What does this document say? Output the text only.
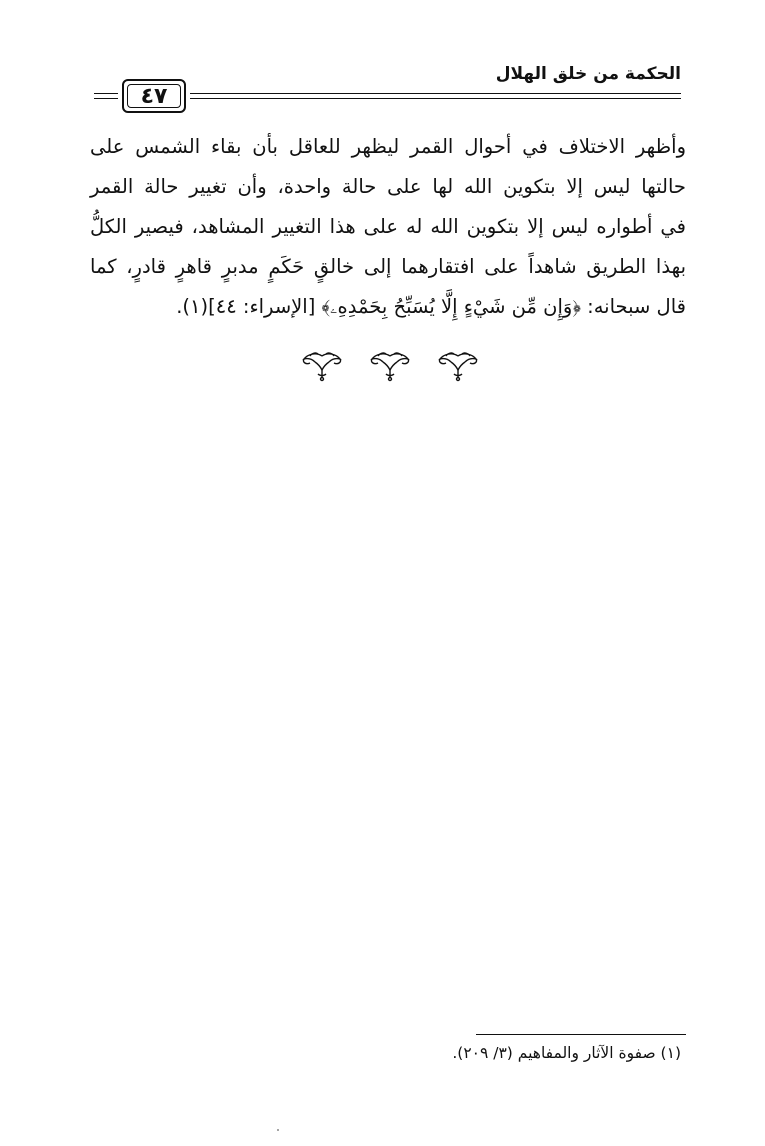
الحكمة من خلق الهلال
٤٧
وأظهر الاختلاف في أحوال القمر ليظهر للعاقل بأن بقاء الشمس على
حالتها ليس إلا بتكوين الله لها على حالة واحدة، وأن تغيير حالة القمر
في أطواره ليس إلا بتكوين الله له على هذا التغيير المشاهد، فيصير الكلُّ
بهذا الطريق شاهداً على افتقارهما إلى خالقٍ حَكَمٍ مدبرٍ قاهرٍ قادرٍ، كما
قال سبحانه: ﴿وَإِن مِّن شَيْءٍ إِلَّا يُسَبِّحُ بِحَمْدِهِۦ﴾ [الإسراء: ٤٤](١).
(١) صفوة الآثار والمفاهيم (٣/ ٢٠٩).
